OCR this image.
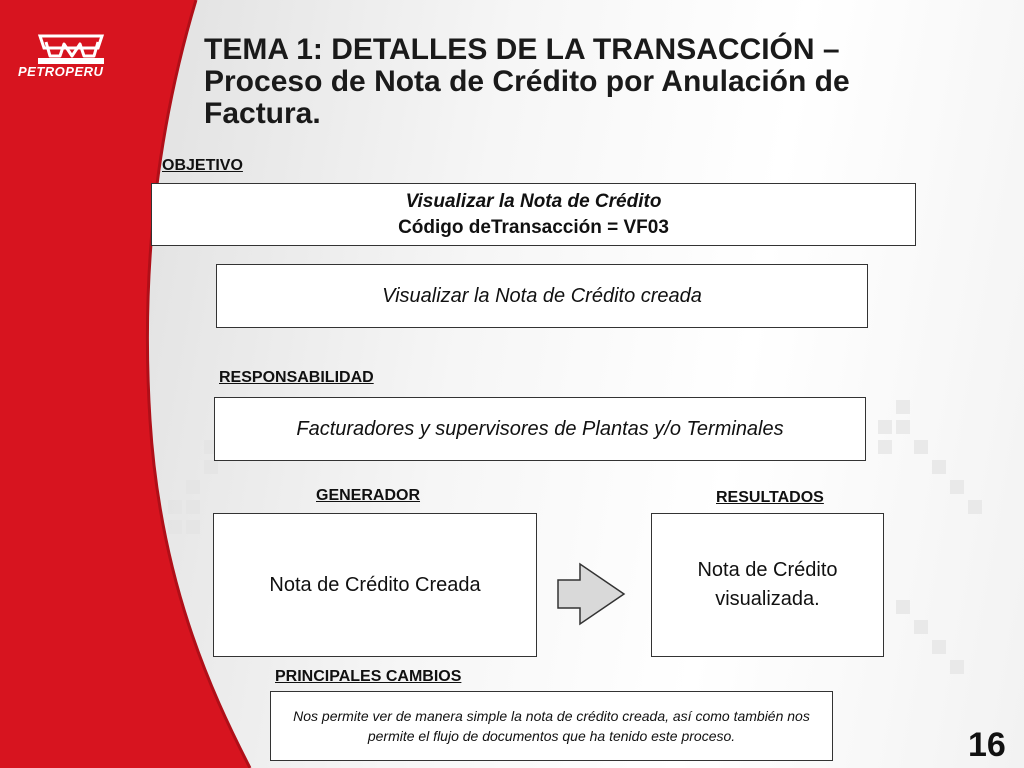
PETROPERU
TEMA 1: DETALLES DE LA TRANSACCIÓN – Proceso de Nota de Crédito por Anulación de Factura.
OBJETIVO
Visualizar la Nota de Crédito
Código deTransacción = VF03
Visualizar la Nota de Crédito creada
RESPONSABILIDAD
Facturadores y supervisores de Plantas y/o Terminales
GENERADOR
Nota de Crédito Creada
RESULTADOS
Nota de Crédito visualizada.
PRINCIPALES CAMBIOS
Nos permite ver de manera simple la nota de crédito creada, así como también nos permite el flujo de documentos que ha tenido este proceso.	16
